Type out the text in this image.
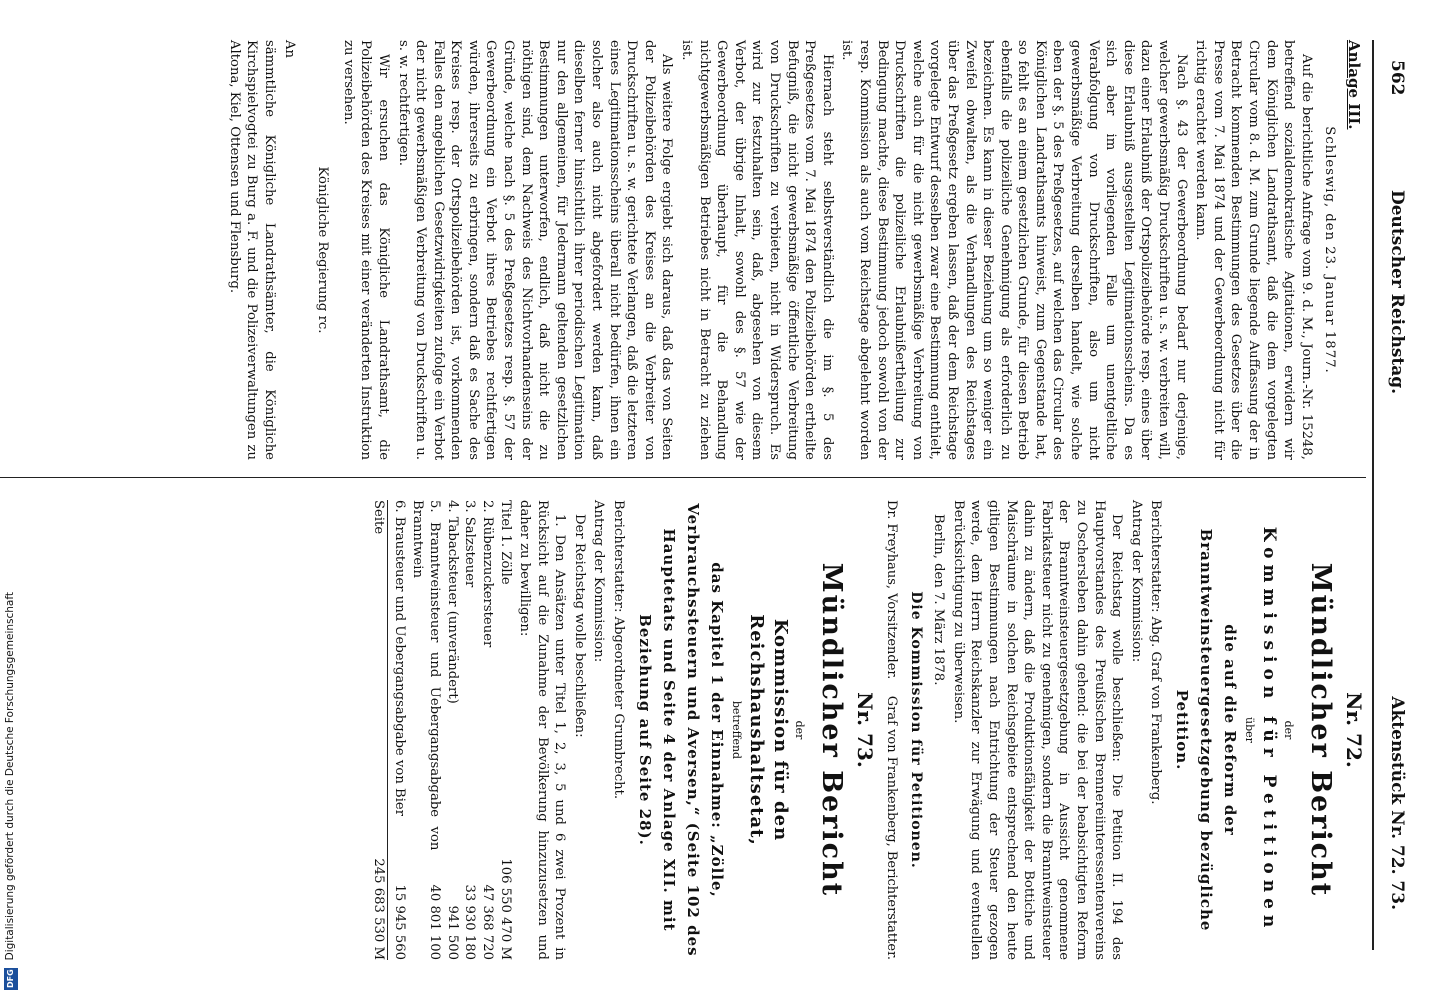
562
Deutscher Reichstag.
Aktenstück Nr. 72. 73.

Anlage III.

Schleswig, den 23. Januar 1877.

Auf die berichtliche Anfrage vom 9. d. M., Journ.-Nr. 15248, betreffend sozialdemokratische Agitationen, erwidern wir dem Königlichen Landrathsamt, daß die dem vorgelegten Circular vom 8. d. M. zum Grunde liegende Auffassung der in Betracht kommenden Bestimmungen des Gesetzes über die Presse vom 7. Mai 1874 und der Gewerbeordnung nicht für richtig erachtet werden kann.

Nach §. 43 der Gewerbeordnung bedarf nur derjenige, welcher gewerbsmäßig Druckschriften u. s. w. verbreiten will, dazu einer Erlaubniß der Ortspolizeibehörde resp. eines über diese Erlaubniß ausgestellten Legitimationsscheins. Da es sich aber im vorliegenden Falle um unentgeltliche Verabfolgung von Druckschriften, also um nicht gewerbsmäßige Verbreitung derselben handelt, wie solche eben der §. 5 des Preßgesetzes, auf welchen das Circular des Königlichen Landrathsamts hinweist, zum Gegenstande hat, so fehlt es an einem gesetzlichen Grunde, für diesen Betrieb ebenfalls die polizeiliche Genehmigung als erforderlich zu bezeichnen. Es kann in dieser Beziehung um so weniger ein Zweifel obwalten, als die Verhandlungen des Reichstages über das Preßgesetz ergeben lassen, daß der dem Reichstage vorgelegte Entwurf desselben zwar eine Bestimmung enthielt, welche auch für die nicht gewerbsmäßige Verbreitung von Druckschriften die polizeiliche Erlaubnißertheilung zur Bedingung machte, diese Bestimmung jedoch sowohl von der resp. Kommission als auch vom Reichstage abgelehnt worden ist.

Hiernach steht selbstverständlich die im §. 5 des Preßgesetzes vom 7. Mai 1874 den Polizeibehörden ertheilte Befugniß, die nicht gewerbsmäßige öffentliche Verbreitung von Druckschriften zu verbieten, nicht in Widerspruch. Es wird zur festzuhalten sein, daß, abgesehen von diesem Verbot, der übrige Inhalt, sowohl des §. 57 wie der Gewerbeordnung überhaupt, für die Behandlung nichtgewerbsmäßigen Betriebes nicht in Betracht zu ziehen ist.

Als weitere Folge ergiebt sich daraus, daß das von Seiten der Polizeibehörden des Kreises an die Verbreiter von Druckschriften u. s. w. gerichtete Verlangen, daß die letzteren eines Legitimationsscheins überall nicht bedürfen, ihnen ein solcher also auch nicht abgefordert werden kann, daß dieselben ferner hinsichtlich ihrer periodischen Legitimation nur den allgemeinen, für Jedermann geltenden gesetzlichen Bestimmungen unterworfen, endlich, daß nicht die zu nöthigen sind, dem Nachweis des Nichtvorhandenseins der Gründe, welche nach §. 5 des Preßgesetzes resp. §. 57 der Gewerbeordnung ein Verbot ihres Betriebes rechtfertigen würden, ihrerseits zu erbringen, sondern daß es Sache des Kreises resp. der Ortspolizeibehörden ist, vorkommenden Falles den angeblichen Gesetzwidrigkeiten zufolge ein Verbot der nicht gewerbsmäßigen Verbreitung von Druckschriften u. s. w. rechtfertigen.

Wir ersuchen das Königliche Landrathsamt, die Polizeibehörden des Kreises mit einer veränderten Instruktion zu versehen.

Königliche Regierung rc.

An

sämmtliche Königliche Landrathsämter, die Königliche Kirchspielvogtei zu Burg a. F. und die Polizeiverwaltungen zu Altona, Kiel, Ottensen und Flensburg.

Nr. 72.
Mündlicher Bericht
der
Kommission für Petitionen
über
die auf die Reform der Branntweinsteuergesetzgebung bezügliche Petition.

Berichterstatter: Abg. Graf von Frankenberg.

Antrag der Kommission:

Der Reichstag wolle beschließen: Die Petition II. 194 des Hauptvorstandes des Preußischen Brennereiinteressentenvereins zu Oschersleben dahin gehend: die bei der beabsichtigten Reform der Branntweinsteuergesetzgebung in Aussicht genommene Fabrikatsteuer nicht zu genehmigen, sondern die Branntweinsteuer dahin zu ändern, daß die Produktionsfähigkeit der Bottiche und Maischräume in solchen Reichsgebiete entsprechend den heute giltigen Bestimmungen nach Entrichtung der Steuer gezogen werde, dem Herrn Reichskanzler zur Erwägung und eventuellen Berücksichtigung zu überweisen.

Berlin, den 7. März 1878.

Die Kommission für Petitionen.
Dr. Freyhaus, Vorsitzender.
Graf von Frankenberg, Berichterstatter.
Nr. 73.
Mündlicher Bericht
der
Kommission für den Reichshaushaltsetat,
betreffend
das Kapitel 1 der Einnahme: „Zölle, Verbrauchssteuern und Aversen,“ (Seite 102 des Hauptetats und Seite 4 der Anlage XII. mit Beziehung auf Seite 28).

Berichterstatter: Abgeordneter Grumbrecht.

Antrag der Kommission:

Der Reichstag wolle beschließen:

1. Den Ansätzen unter Titel 1, 2, 3, 5 und 6 zwei Prozent in Rücksicht auf die Zunahme der Bevölkerung hinzuzusetzen und daher zu bewilligen:

Titel 1. Zölle	106 550 470 M
2. Rübenzuckersteuer	47 368 720
3. Salzsteuer	33 930 180
4. Tabacksteuer (unverändert)	941 500
5. Branntweinsteuer und Uebergangsabgabe von Branntwein	40 801 100
6. Brausteuer und Uebergangsabgabe von Bier	15 945 560
Seite
245 683 530 M
Digitalisierung gefördert durch die Deutsche Forschungsgemeinschaft
DFG
